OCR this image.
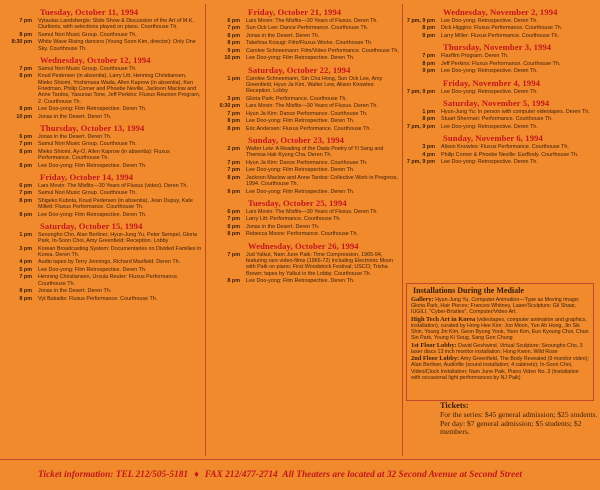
Tuesday, October 11, 1994
7 pm	Vytautas Landsbergis: Slide Show & Discussion of the Art of M.K. Ciurlionis, with selections played on piano. Courthouse Th.
8 pm	Samul Nori Music Group. Courthouse Th.
8:30 pm	White Wave Rising dancers (Young Soon Kim, director): Only One Sky. Courthouse Th.
Wednesday, October 12, 1994
7 pm	Samul Nori Music Group. Courthouse Th.
8 pm	Knud Pedersen (in absentia), Larry Litt, Henning Christiansen, Mieko Shiomi, Yoshimasa Wada, Allen Kaprow (in absentia), Ken Friedman, Philip Corner and Phoebe Neville, Jackson Maclow and Anne Tardos, Yasunao Tone, Jeff Perkins: Fluxus Reunion Program, 2. Courthouse Th.
8 pm	Lee Doo-yong: Film Retrospective. Deren Th.
10 pm	Jonas in the Desert. Deren Th.
Thursday, October 13, 1994
6 pm	Jonas in the Desert. Deren Th.
7 pm	Samul Nori Music Group. Courthouse Th.
8 pm	Mieko Shiomi, Ay-O, Allen Kaprow (in absentia): Fluxus Performance. Courthouse Th.
8 pm	Lee Doo-yong: Film Retrospective. Deren Th.
Friday, October 14, 1994
6 pm	Lars Movin: The Misfits—30 Years of Fluxus (video). Deren Th.
7 pm	Samul Nori Music Group. Courthouse Th.
8 pm	Shigeko Kubota, Knud Pedersen (in absentia), Jean Dupuy, Kate Millett: Fluxus Performance. Courthouse Th.
8 pm	Lee Doo-yong: Film Retrospective. Deren Th.
Saturday, October 15, 1994
1 pm	Seoungho Cho, Alan Berliner, Hyun-Jung Yu, Peter Sempel, Gloria Park, In-Soon Choi, Amy Greenfield: Reception. Lobby
3 pm	Korean Broadcasting System: Documentaries on Divided Families in Korea. Deren Th.
4 pm	Audio tapes by Terry Jennings, Richard Maxfield. Deren Th.
5 pm	Lee Doo-yong: Film Retrospective. Deren Th.
7 pm	Henning Christiansen, Ursula Reuter: Fluxus Performance. Courthouse Th.
8 pm	Jonas in the Desert. Deren Th.
8 pm	Vyt Bakaitis: Fluxus Performance. Courthouse Th.
Friday, October 21, 1994
6 pm	Lars Movin: The Misfits—30 Years of Fluxus. Deren Th.
7 pm	Sun Ock Lee: Dance Performance. Courthouse Th.
8 pm	Jonas in the Desert. Deren Th.
8 pm	Takehisa Kosugi: Film/Fluxus Works. Courthouse Th.
9 pm	Carolee Schneemann: Film/Video Performance. Courthouse Th.
10 pm	Lee Doo-yong: Film Retrospective. Deren Th.
Saturday, October 22, 1994
1 pm	Carolee Schneemann, Sin Cha Hong, Sun Ock Lee, Amy Greenfield, Hyun Ja Kim, Walter Lew, Alison Knowles: Reception. Lobby
3 pm	Gloria Park: Performance. Courthouse Th.
6:30 pm	Lars Movin: The Misfits—30 Years of Fluxus. Deren Th.
7 pm	Hyun Ja Kim: Dance Performance. Courthouse Th.
8 pm	Lee Doo-yong: Film Retrospective. Deren Th.
8 pm	Eric Andersen: Fluxus Performance. Courthouse Th.
Sunday, October 23, 1994
2 pm	Walter Lew: A Reading of the Dada Poetry of Yi Sang and Theresa Hak Kyung Cha. Deren Th.
7 pm	Hyun Ja Kim: Dance Performance. Courthouse Th.
7 pm	Lee Doo-yong: Film Retrospective. Deren Th.
8 pm	Jackson Maclow and Anne Tardos: Collective Work in Progress, 1994. Courthouse Th.
9 pm	Lee Doo-yong: Film Retrospective. Deren Th.
Tuesday, October 25, 1994
6 pm	Lars Movin: The Misfits—30 Years of Fluxus. Deren Th.
7 pm	Larry Litt: Performance. Courthouse Th.
8 pm	Jonas in the Desert. Deren Th.
8 pm	Rebecca Moore: Performance. Courthouse Th.
Wednesday, October 26, 1994
7 pm	Jud Yalkut, Nam June Paik: Time Compression, 1965-94, featuring rare video-films (1965-72) including Electronic Moon with Paik on piano; First Woodstock Festival; USCO; Trisha Brown; tapes by Yalkut in the Lobby. Courthouse Th.
8 pm	Lee Doo-yong: Film Retrospective. Deren Th.
Wednesday, November 2, 1994
7 pm, 9 pm	Lee Doo-yong: Retrospective. Deren Th.
8 pm	Dick Higgins: Fluxus Performance. Courthouse Th.
9 pm	Larry Miller: Fluxus Performance. Courthouse Th.
Thursday, November 3, 1994
7 pm	Flaxfilm Program. Deren Th.
8 pm	Jeff Perkins: Fluxus Performance. Courthouse Th.
9 pm	Lee Doo-yong: Retrospective. Deren Th.
Friday, November 4, 1994
7 pm, 9 pm	Lee Doo-yong: Retrospective. Deren Th.
Saturday, November 5, 1994
1 pm	Hyun-Jung Yu: In person with computer videotapes. Deren Th.
8 pm	Stuart Sherman: Performance. Courthouse Th.
7 pm, 9 pm	Lee Doo-yong: Retrospective. Deren Th.
Sunday, November 6, 1994
3 pm	Alison Knowles: Fluxus Performance. Courthouse Th.
4 pm	Philip Corner & Phoebe Neville: EarBody. Courthouse Th.
7 pm, 9 pm	Lee Doo-yong: Retrospective. Deren Th.
Installations During the Mediale

Gallery: Hyun-Jung Yu, Computer Animation—Type as Moving Image; Gloria Park, Hair Pieces; Frances Whitney, Laser/Sculpture; Gil Shaar, IUGILI, "Cyber-Bristles", Computer/Video Art.

High Tech Art in Korea (videotapes, computer animation and graphics, installation), curated by Hong Hee Kim: Joo Moon, Yun Ah Hong, Jin Sik Shin, Young Jin Kim, Geon Byung Yook, Yoon Kim, Eun Kyoung Choi, Chun Sin Park, Young Ki Soug, Sang Gon Chung

1st Floor Lobby: David Geshwind, Virtual Sculpture; Seoungho Cho, 3 laser discs 13 inch monitor installation; Hong Kwon, Wild Rose

2nd Floor Lobby: Amy Greenfield, The Body Revealed (9 monitor video); Alan Berliner, Audiofile (sound installation; 4 cabinets); In-Soon Choi, Video/Clock Installation; Nam June Paik, Piano Video No. 3 (installation with occasional light performances by NJ Paik)

Tickets:
For the series: $45 general admission; $25 students.
Per day: $7 general admission; $5 students; $2 members.
Ticket information: TEL 212/505-5181 ♦ FAX 212/477-2714 All Theaters are located at 32 Second Avenue at Second Street
